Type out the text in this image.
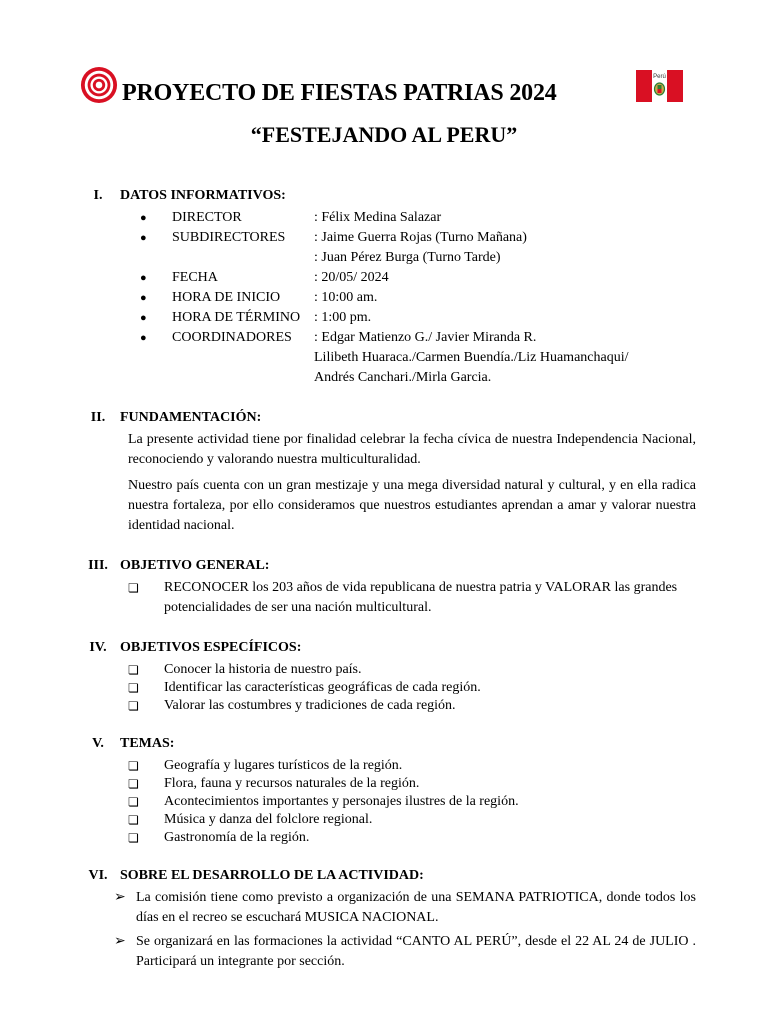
PROYECTO DE FIESTAS PATRIAS 2024
Perú
“FESTEJANDO AL PERU”
I.	DATOS INFORMATIVOS:
●	DIRECTOR	: Félix Medina Salazar
●	SUBDIRECTORES	: Jaime Guerra Rojas (Turno Mañana)
: Juan Pérez Burga (Turno Tarde)
●	FECHA	: 20/05/ 2024
●	HORA DE INICIO	: 10:00 am.
●	HORA DE TÉRMINO : 1:00 pm.
●	COORDINADORES	: Edgar Matienzo G./ Javier Miranda R.
Lilibeth Huaraca./Carmen Buendía./Liz Huamanchaqui/
Andrés Canchari./Mirla Garcia.
II.	FUNDAMENTACIÓN:
La presente actividad tiene por finalidad celebrar la fecha cívica de nuestra Independencia Nacional, reconociendo y valorando nuestra multiculturalidad.
Nuestro país cuenta con un gran mestizaje y una mega diversidad natural y cultural, y en ella radica nuestra fortaleza, por ello consideramos que nuestros estudiantes aprendan a amar y valorar nuestra identidad nacional.
III. OBJETIVO GENERAL:
❏	RECONOCER los 203 años de vida republicana de nuestra patria y VALORAR las grandes potencialidades de ser una nación multicultural.
IV. OBJETIVOS ESPECÍFICOS:
❏	Conocer la historia de nuestro país.
❏	Identificar las características geográficas de cada región.
❏	Valorar las costumbres y tradiciones de cada región.
V.	TEMAS:
❏	Geografía y lugares turísticos de la región.
❏	Flora, fauna y recursos naturales de la región.
❏	Acontecimientos importantes y personajes ilustres de la región.
❏	Música y danza del folclore regional.
❏	Gastronomía de la región.
VI. SOBRE EL DESARROLLO DE LA ACTIVIDAD:
➢ La comisión tiene como previsto a organización de una SEMANA PATRIOTICA, donde todos los días en el recreo se escuchará MUSICA NACIONAL.
➢ Se organizará en las formaciones la actividad “CANTO AL PERÚ”, desde el 22 AL 24 de JULIO . Participará un integrante por sección.
